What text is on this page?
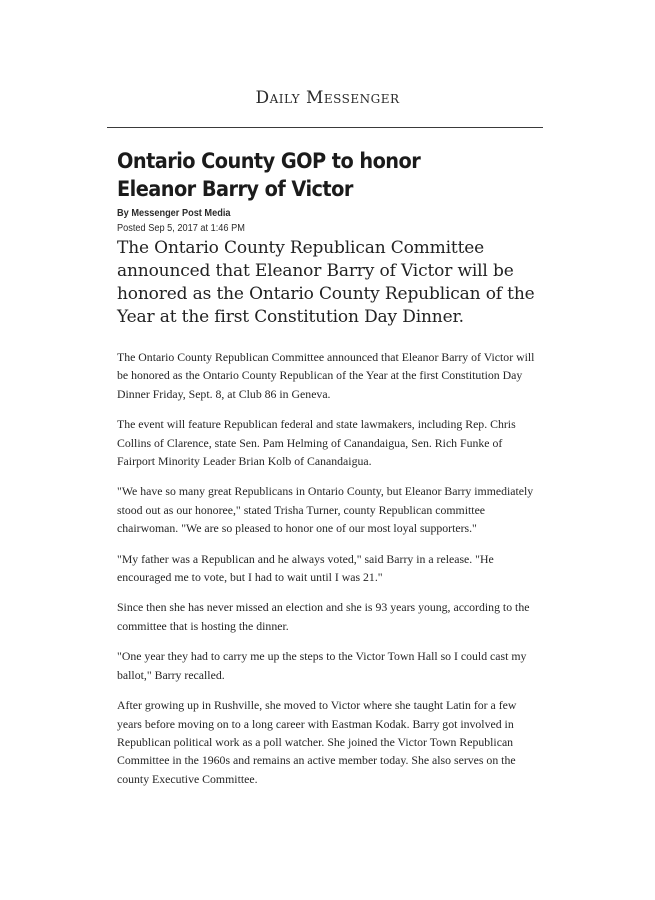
Daily Messenger
Ontario County GOP to honor Eleanor Barry of Victor
By Messenger Post Media
Posted Sep 5, 2017 at 1:46 PM

The Ontario County Republican Committee announced that Eleanor Barry of Victor will be honored as the Ontario County Republican of the Year at the first Constitution Day Dinner.

The Ontario County Republican Committee announced that Eleanor Barry of Victor will be honored as the Ontario County Republican of the Year at the first Constitution Day Dinner Friday, Sept. 8, at Club 86 in Geneva.

The event will feature Republican federal and state lawmakers, including Rep. Chris Collins of Clarence, state Sen. Pam Helming of Canandaigua, Sen. Rich Funke of Fairport Minority Leader Brian Kolb of Canandaigua.

"We have so many great Republicans in Ontario County, but Eleanor Barry immediately stood out as our honoree," stated Trisha Turner, county Republican committee chairwoman. "We are so pleased to honor one of our most loyal supporters."

"My father was a Republican and he always voted," said Barry in a release. "He encouraged me to vote, but I had to wait until I was 21."

Since then she has never missed an election and she is 93 years young, according to the committee that is hosting the dinner.

"One year they had to carry me up the steps to the Victor Town Hall so I could cast my ballot," Barry recalled.

After growing up in Rushville, she moved to Victor where she taught Latin for a few years before moving on to a long career with Eastman Kodak. Barry got involved in Republican political work as a poll watcher. She joined the Victor Town Republican Committee in the 1960s and remains an active member today. She also serves on the county Executive Committee.
